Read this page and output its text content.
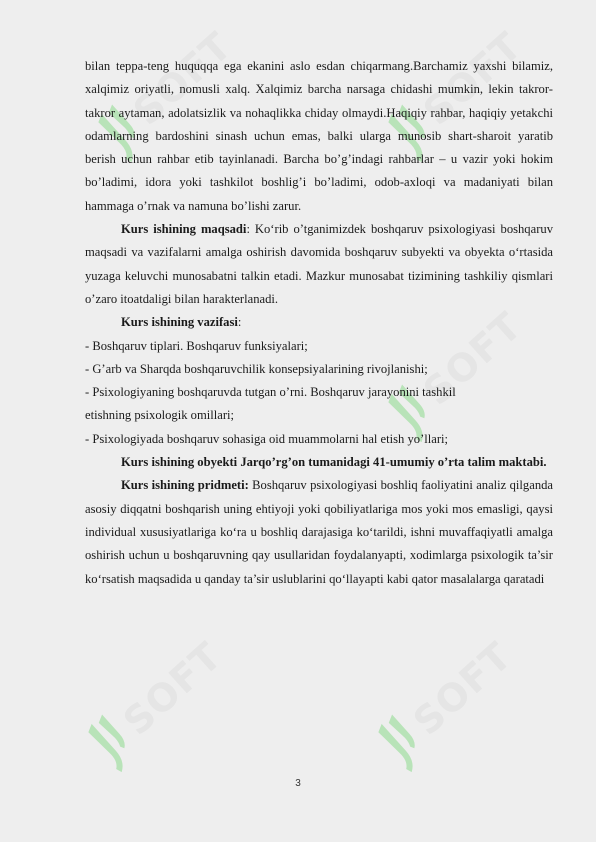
SOFT	SOFT
SOFT
SOFT	SOFT

bilan teppa-teng huquqqa ega ekanini aslo esdan chiqarmang.Barchamiz yaxshi bilamiz, xalqimiz oriyatli, nomusli xalq. Xalqimiz barcha narsaga chidashi mumkin, lekin takror-takror aytaman, adolatsizlik va nohaqlikka chiday olmaydi.Haqiqiy rahbar, haqiqiy yetakchi odamlarning bardoshini sinash uchun emas, balki ularga munosib shart-sharoit yaratib berish uchun rahbar etib tayinlanadi. Barcha bo’g’indagi rahbarlar – u vazir yoki hokim bo’ladimi, idora yoki tashkilot boshlig’i bo’ladimi, odob-axloqi va madaniyati bilan hammaga o’rnak va namuna bo’lishi zarur.

Kurs ishining maqsadi: Ko‘rib o’tganimizdek boshqaruv psixologiyasi boshqaruv maqsadi va vazifalarni amalga oshirish davomida boshqaruv subyekti va obyekta o‘rtasida yuzaga keluvchi munosabatni talkin etadi. Mazkur munosabat tizimining tashkiliy qismlari o’zaro itoatdaligi bilan harakterlanadi.

Kurs ishining vazifasi:

- Boshqaruv tiplari. Boshqaruv funksiyalari;

- G’arb va Sharqda boshqaruvchilik konsepsiyalarining rivojlanishi;

- Psixologiyaning boshqaruvda tutgan o’rni. Boshqaruv jarayonini tashkil

etishning psixologik omillari;

- Psixologiyada boshqaruv sohasiga oid muammolarni hal etish yo’llari;

Kurs ishining obyekti Jarqo’rg’on tumanidagi 41-umumiy o’rta talim maktabi.

Kurs ishining pridmeti: Boshqaruv psixologiyasi boshliq faoliyatini analiz qilganda asosiy diqqatni boshqarish uning ehtiyoji yoki qobiliyatlariga mos yoki mos emasligi, qaysi individual xususiyatlariga ko‘ra u boshliq darajasiga ko‘tarildi, ishni muvaffaqiyatli amalga oshirish uchun u boshqaruvning qay usullaridan foydalanyapti, xodimlarga psixologik ta’sir ko‘rsatish maqsadida u qanday ta’sir uslublarini qo‘llayapti kabi qator masalalarga qaratadi

3
